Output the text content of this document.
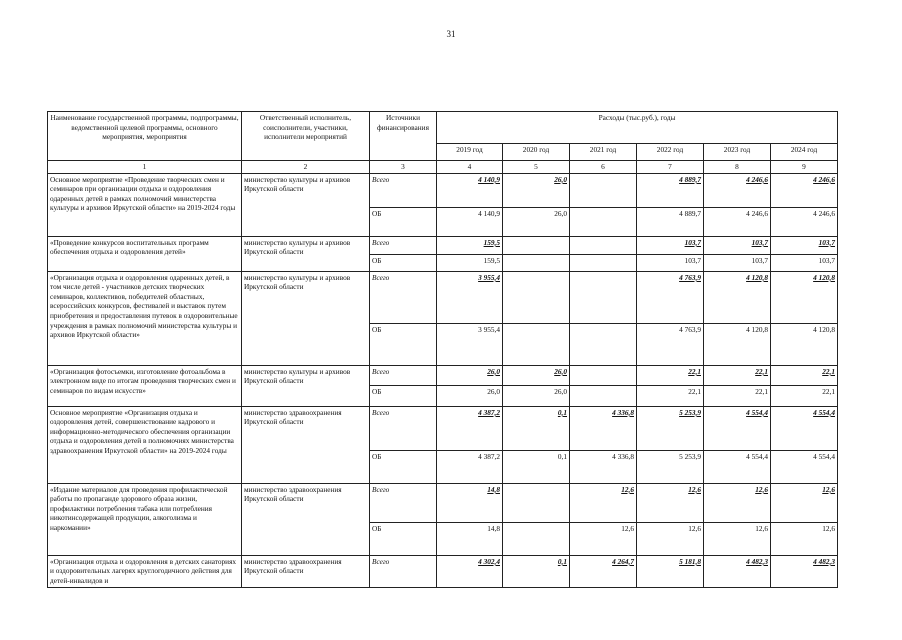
31
Наименование государственной программы, подпрограммы, ведомственной целевой программы, основного мероприятия, мероприятия	Ответственный исполнитель, соисполнители, участники, исполнители мероприятий	Источники финансирования	Расходы (тыс.руб.), годы					
			2019 год	2020 год	2021 год	2022 год	2023 год	2024 год
1	2	3	4	5	6	7	8	9
Основное мероприятие «Проведение творческих смен и семинаров при организации отдыха и оздоровления одаренных детей в рамках полномочий министерства культуры и архивов Иркутской области» на 2019-2024 годы	министерство культуры и архивов Иркутской области	Всего	4 140,9	26,0		4 889,7	4 246,6	4 246,6
		ОБ	4 140,9	26,0		4 889,7	4 246,6	4 246,6
«Проведение конкурсов воспитательных программ обеспечения отдыха и оздоровления детей»	министерство культуры и архивов Иркутской области	Всего	159,5			103,7	103,7	103,7
		ОБ	159,5			103,7	103,7	103,7
«Организация отдыха и оздоровления одаренных детей, в том числе детей - участников детских творческих семинаров, коллективов, победителей областных, всероссийских конкурсов, фестивалей и выставок путем приобретения и предоставления путевок в оздоровительные учреждения в рамках полномочий министерства культуры и архивов Иркутской области»	министерство культуры и архивов Иркутской области	Всего	3 955,4			4 763,9	4 120,8	4 120,8
		ОБ	3 955,4			4 763,9	4 120,8	4 120,8
«Организация фотосъемки, изготовление фотоальбома в электронном виде по итогам проведения творческих смен и семинаров по видам искусств»	министерство культуры и архивов Иркутской области	Всего	26,0	26,0		22,1	22,1	22,1
		ОБ	26,0	26,0		22,1	22,1	22,1
Основное мероприятие «Организация отдыха и оздоровления детей, совершенствование кадрового и информационно-методического обеспечения организации отдыха и оздоровления детей в полномочиях министерства здравоохранения Иркутской области» на 2019-2024 годы	министерство здравоохранения Иркутской области	Всего	4 387,2	0,1	4 336,8	5 253,9	4 554,4	4 554,4
		ОБ	4 387,2	0,1	4 336,8	5 253,9	4 554,4	4 554,4
«Издание материалов для проведения профилактической работы по пропаганде здорового образа жизни, профилактики потребления табака или потребления никотинсодержащей продукции, алкоголизма и наркомании»	министерство здравоохранения Иркутской области	Всего	14,8		12,6	12,6	12,6	12,6
		ОБ	14,8		12,6	12,6	12,6	12,6
«Организация отдыха и оздоровления в детских санаториях и оздоровительных лагерях круглогодичного действия для детей-инвалидов и	министерство здравоохранения Иркутской области	Всего	4 302,4	0,1	4 264,7	5 181,8	4 482,3	4 482,3
